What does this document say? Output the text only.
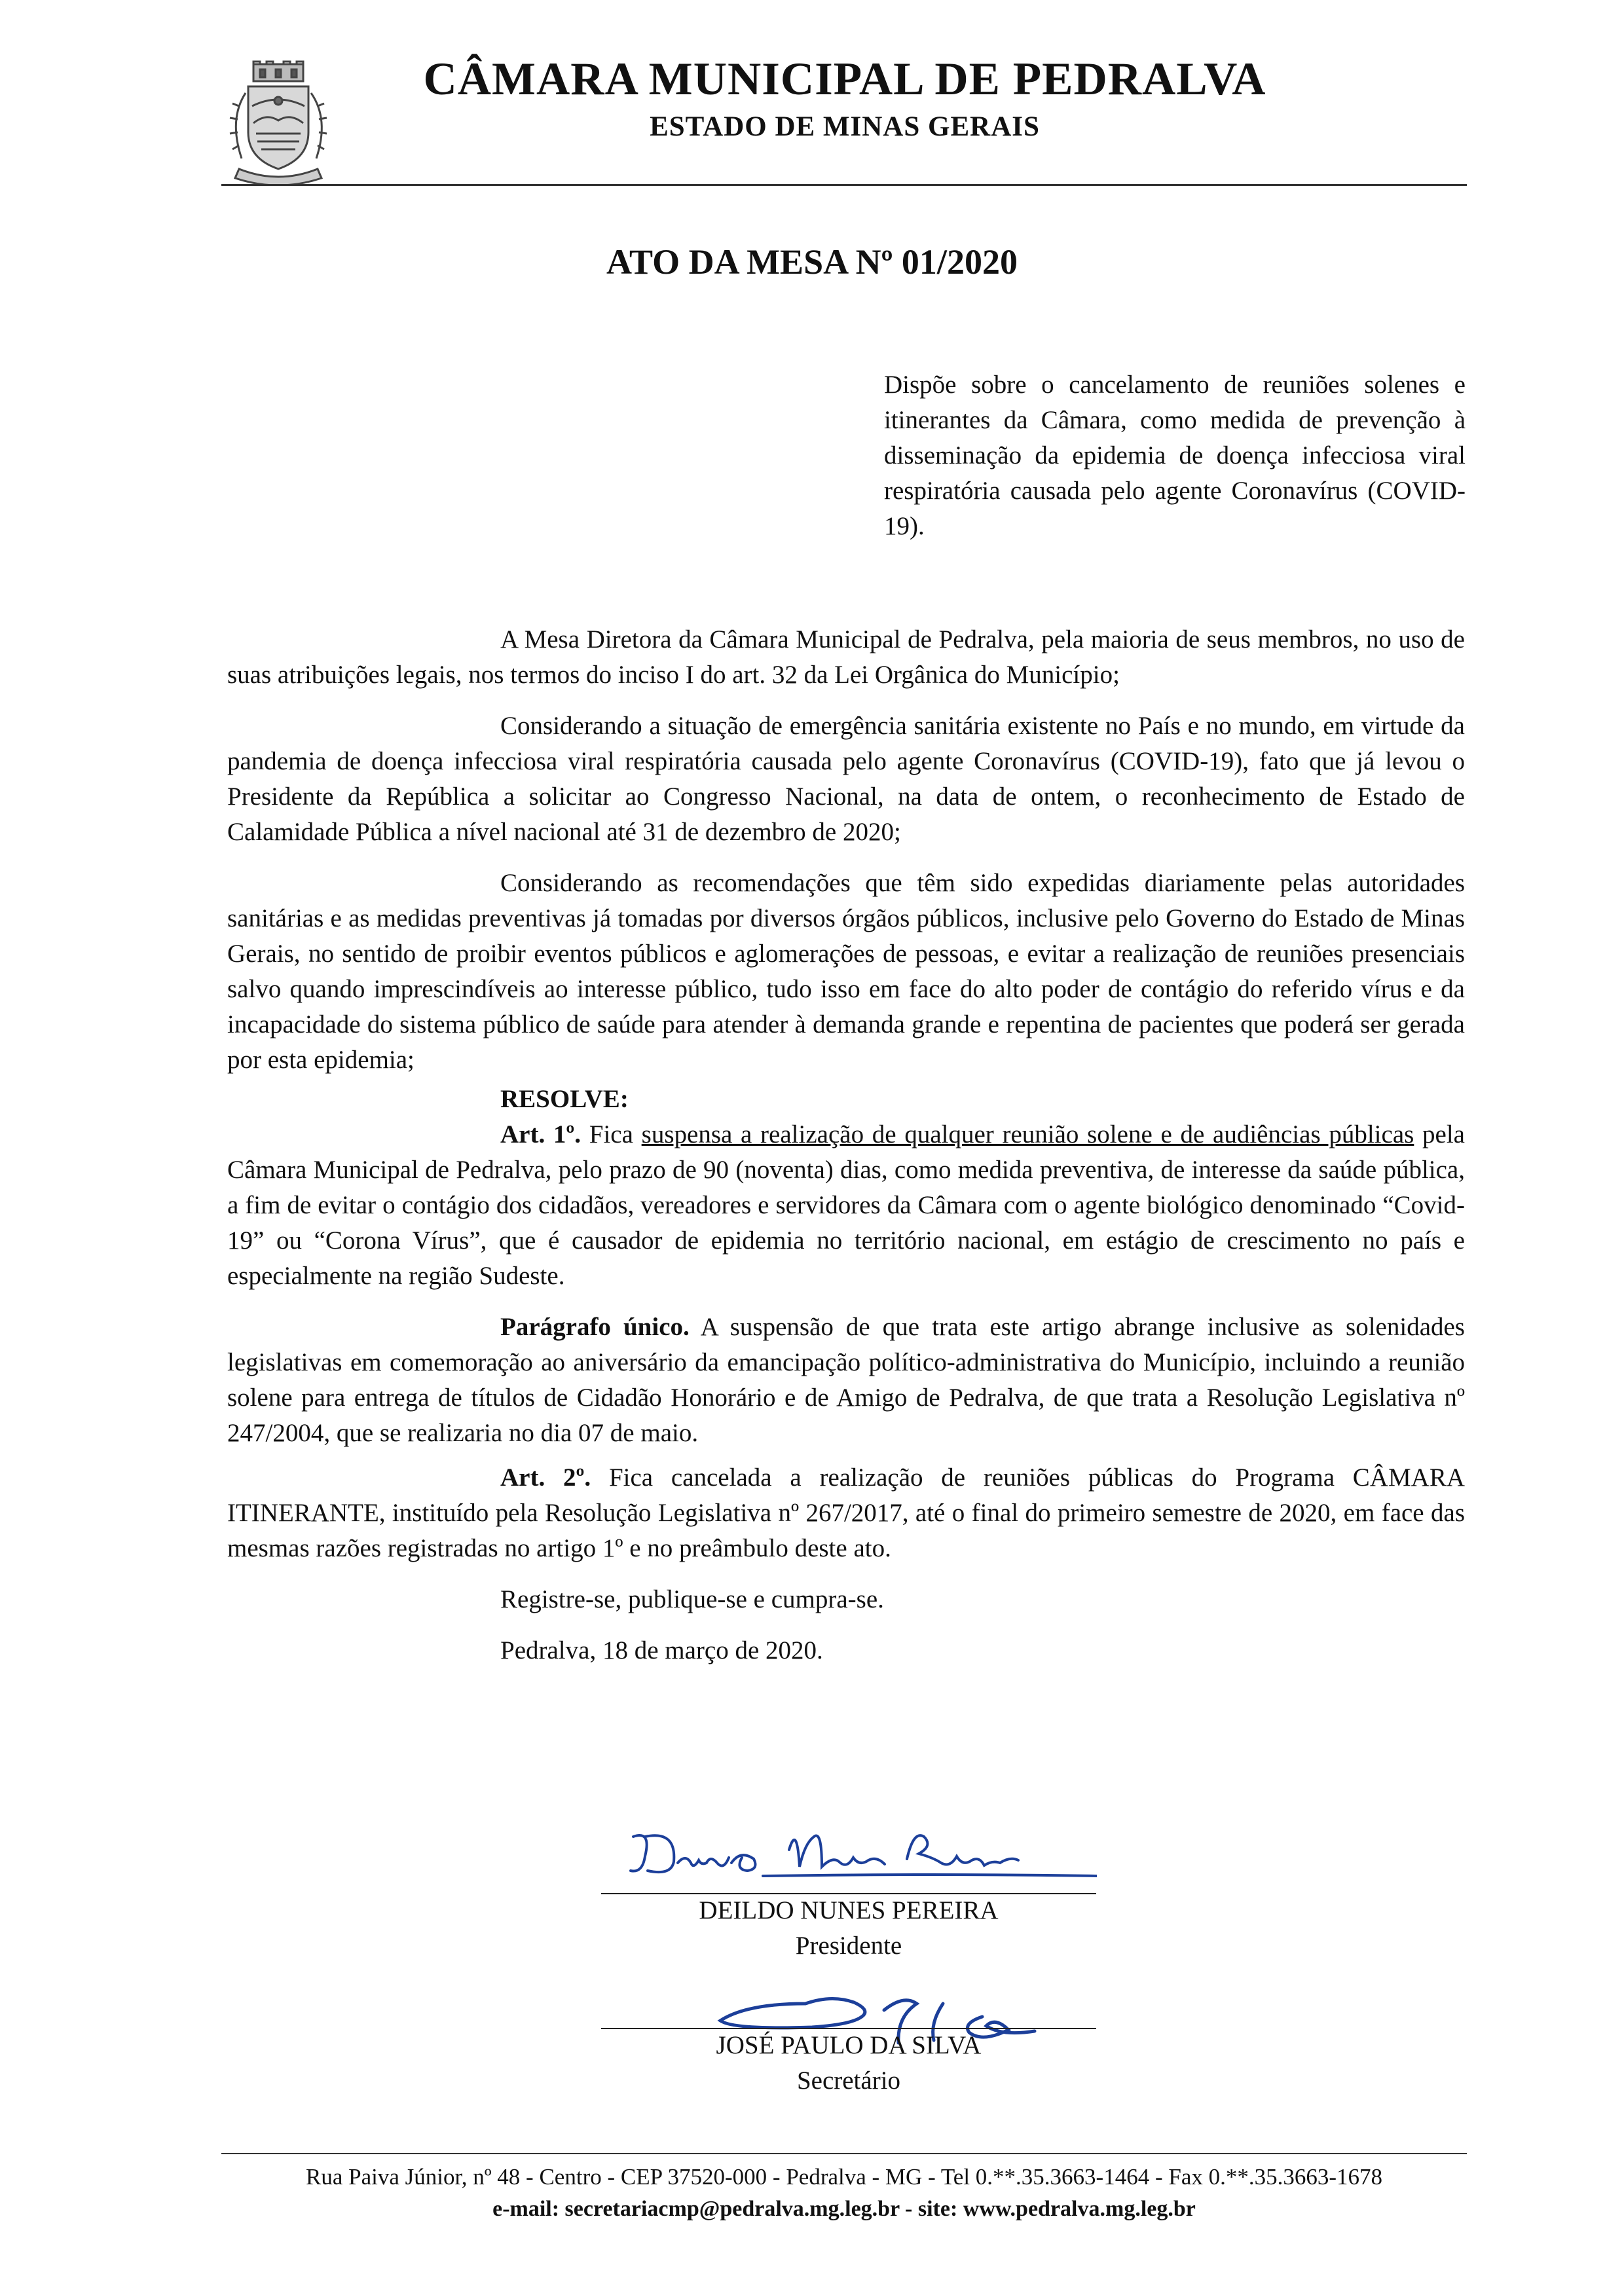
CÂMARA MUNICIPAL DE PEDRALVA
ESTADO DE MINAS GERAIS
ATO DA MESA Nº 01/2020
Dispõe sobre o cancelamento de reuniões solenes e itinerantes da Câmara, como medida de prevenção à disseminação da epidemia de doença infecciosa viral respiratória causada pelo agente Coronavírus (COVID-19).

A Mesa Diretora da Câmara Municipal de Pedralva, pela maioria de seus membros, no uso de suas atribuições legais, nos termos do inciso I do art. 32 da Lei Orgânica do Município;

Considerando a situação de emergência sanitária existente no País e no mundo, em virtude da pandemia de doença infecciosa viral respiratória causada pelo agente Coronavírus (COVID-19), fato que já levou o Presidente da República a solicitar ao Congresso Nacional, na data de ontem, o reconhecimento de Estado de Calamidade Pública a nível nacional até 31 de dezembro de 2020;

Considerando as recomendações que têm sido expedidas diariamente pelas autoridades sanitárias e as medidas preventivas já tomadas por diversos órgãos públicos, inclusive pelo Governo do Estado de Minas Gerais, no sentido de proibir eventos públicos e aglomerações de pessoas, e evitar a realização de reuniões presenciais salvo quando imprescindíveis ao interesse público, tudo isso em face do alto poder de contágio do referido vírus e da incapacidade do sistema público de saúde para atender à demanda grande e repentina de pacientes que poderá ser gerada por esta epidemia;

RESOLVE:

Art. 1º. Fica suspensa a realização de qualquer reunião solene e de audiências públicas pela Câmara Municipal de Pedralva, pelo prazo de 90 (noventa) dias, como medida preventiva, de interesse da saúde pública, a fim de evitar o contágio dos cidadãos, vereadores e servidores da Câmara com o agente biológico denominado “Covid-19” ou “Corona Vírus”, que é causador de epidemia no território nacional, em estágio de crescimento no país e especialmente na região Sudeste.

Parágrafo único. A suspensão de que trata este artigo abrange inclusive as solenidades legislativas em comemoração ao aniversário da emancipação político-administrativa do Município, incluindo a reunião solene para entrega de títulos de Cidadão Honorário e de Amigo de Pedralva, de que trata a Resolução Legislativa nº 247/2004, que se realizaria no dia 07 de maio.

Art. 2º. Fica cancelada a realização de reuniões públicas do Programa CÂMARA ITINERANTE, instituído pela Resolução Legislativa nº 267/2017, até o final do primeiro semestre de 2020, em face das mesmas razões registradas no artigo 1º e no preâmbulo deste ato.

Registre-se, publique-se e cumpra-se.

Pedralva, 18 de março de 2020.

DEILDO NUNES PEREIRA
Presidente
JOSÉ PAULO DA SILVA
Secretário
Rua Paiva Júnior, nº 48 - Centro - CEP 37520-000 - Pedralva - MG - Tel 0.**.35.3663-1464 - Fax 0.**.35.3663-1678
e-mail: secretariacmp@pedralva.mg.leg.br - site: www.pedralva.mg.leg.br
